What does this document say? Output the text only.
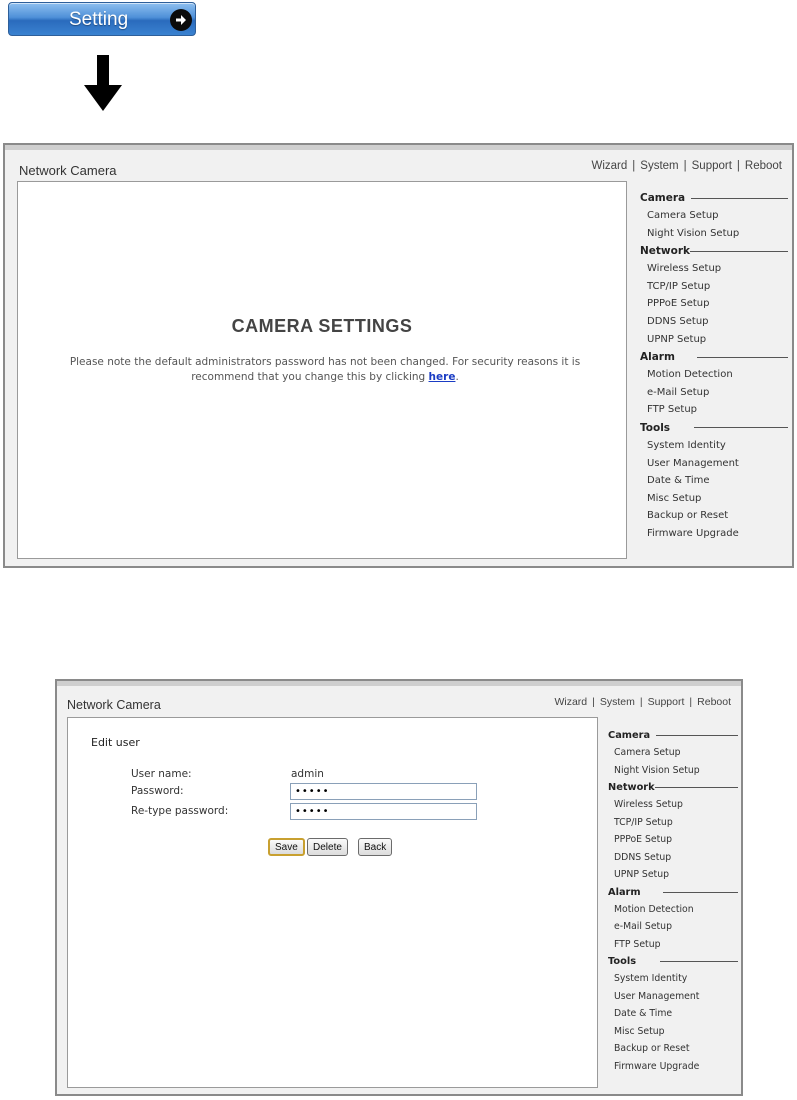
Setting
Network Camera	Wizard | System | Support | Reboot
CAMERA SETTINGS
Please note the default administrators password has not been changed. For security reasons it is recommend that you change this by clicking here.
Camera
Camera Setup
Night Vision Setup
Network
Wireless Setup
TCP/IP Setup
PPPoE Setup
DDNS Setup
UPNP Setup
Alarm
Motion Detection
e-Mail Setup
FTP Setup
Tools
System Identity
User Management
Date & Time
Misc Setup
Backup or Reset
Firmware Upgrade
Network Camera	Wizard | System | Support | Reboot
Edit user
User name:	admin
Password:
•••••
Re-type password:
•••••
Save	Delete	Back
Camera
Camera Setup
Night Vision Setup
Network
Wireless Setup
TCP/IP Setup
PPPoE Setup
DDNS Setup
UPNP Setup
Alarm
Motion Detection
e-Mail Setup
FTP Setup
Tools
System Identity
User Management
Date & Time
Misc Setup
Backup or Reset
Firmware Upgrade
